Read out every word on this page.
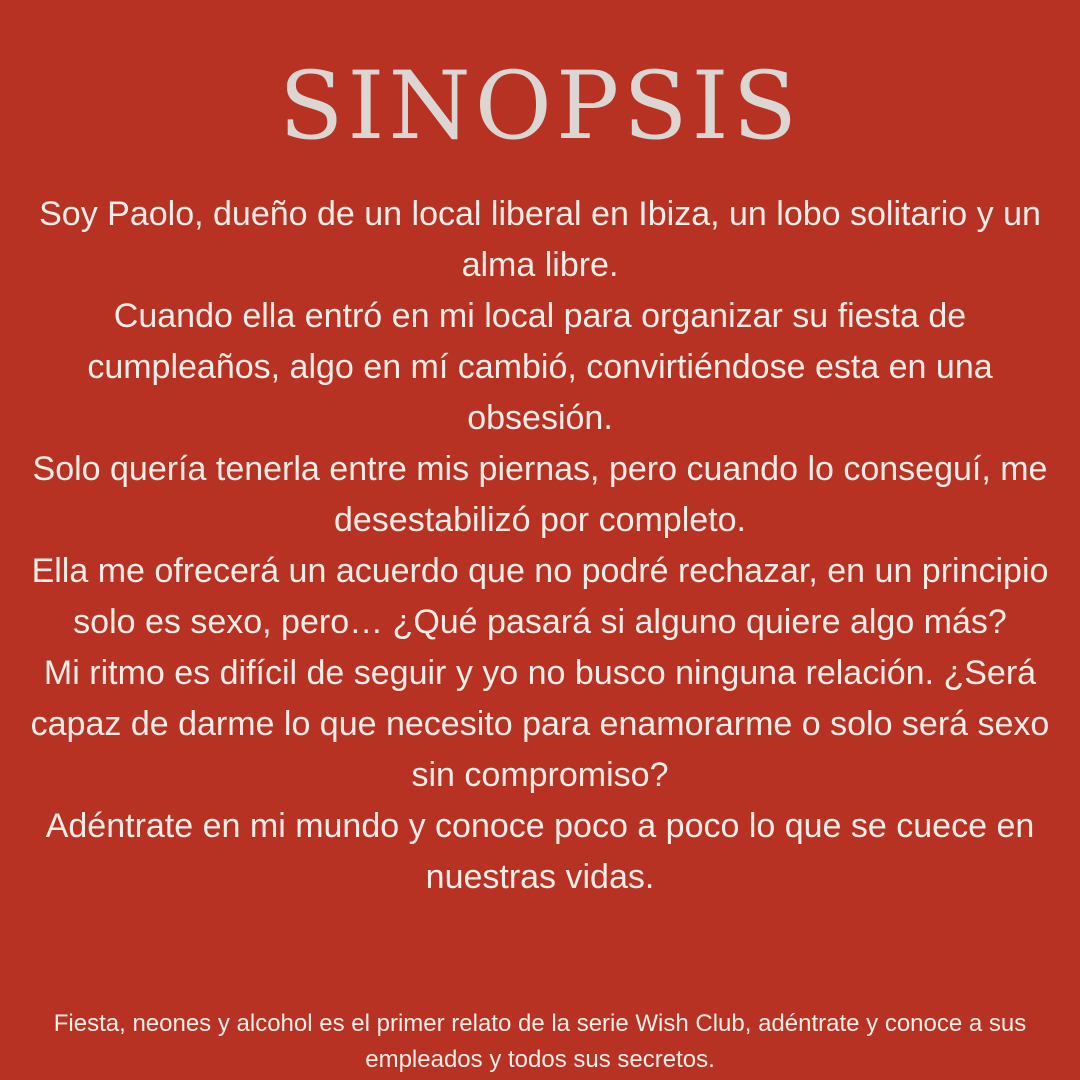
SINOPSIS

Soy Paolo, dueño de un local liberal en Ibiza, un lobo solitario y un alma libre.

Cuando ella entró en mi local para organizar su fiesta de cumpleaños, algo en mí cambió, convirtiéndose esta en una obsesión.

Solo quería tenerla entre mis piernas, pero cuando lo conseguí, me desestabilizó por completo.

Ella me ofrecerá un acuerdo que no podré rechazar, en un principio solo es sexo, pero… ¿Qué pasará si alguno quiere algo más?

Mi ritmo es difícil de seguir y yo no busco ninguna relación. ¿Será capaz de darme lo que necesito para enamorarme o solo será sexo sin compromiso?

Adéntrate en mi mundo y conoce poco a poco lo que se cuece en nuestras vidas.

Fiesta, neones y alcohol es el primer relato de la serie Wish Club, adéntrate y conoce a sus empleados y todos sus secretos.
